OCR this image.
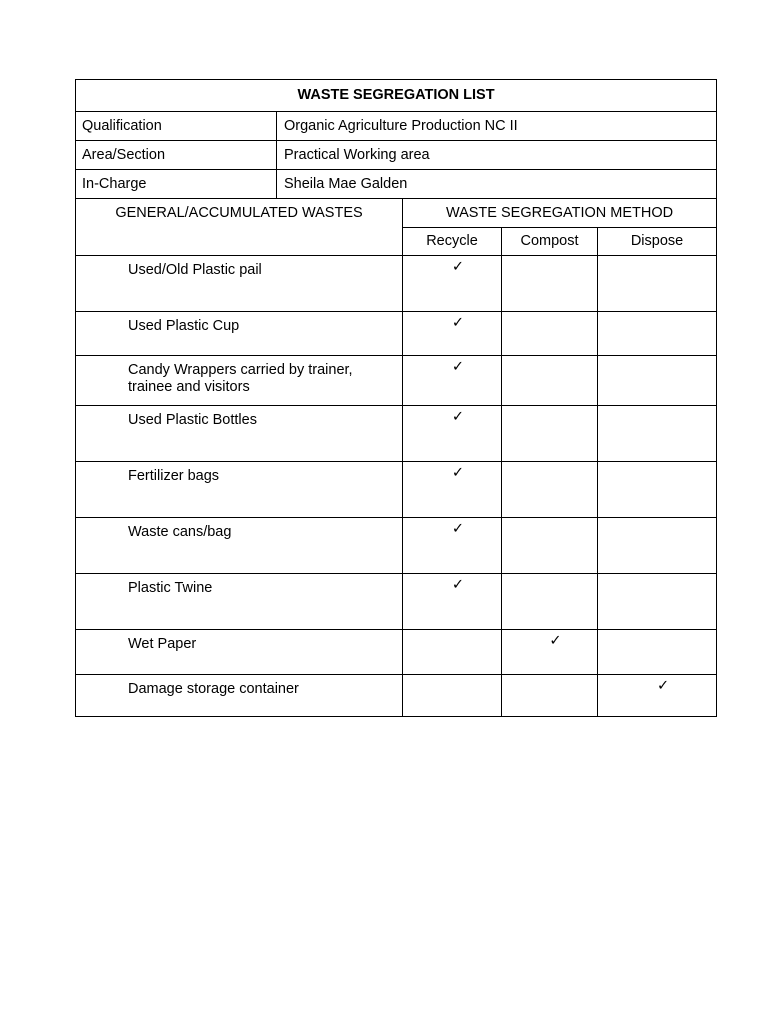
WASTE SEGREGATION LIST				
Qualification	Organic Agriculture Production NC II			
Area/Section	Practical Working area			
In-Charge	Sheila Mae Galden			
GENERAL/ACCUMULATED WASTES		WASTE SEGREGATION METHOD		
		Recycle	Compost	Dispose
Used/Old Plastic pail		✓		
Used Plastic Cup		✓		
Candy Wrappers carried by trainer, trainee and visitors		✓		
Used Plastic Bottles		✓		
Fertilizer bags		✓		
Waste cans/bag		✓		
Plastic Twine		✓		
Wet Paper			✓	
Damage storage container				✓
